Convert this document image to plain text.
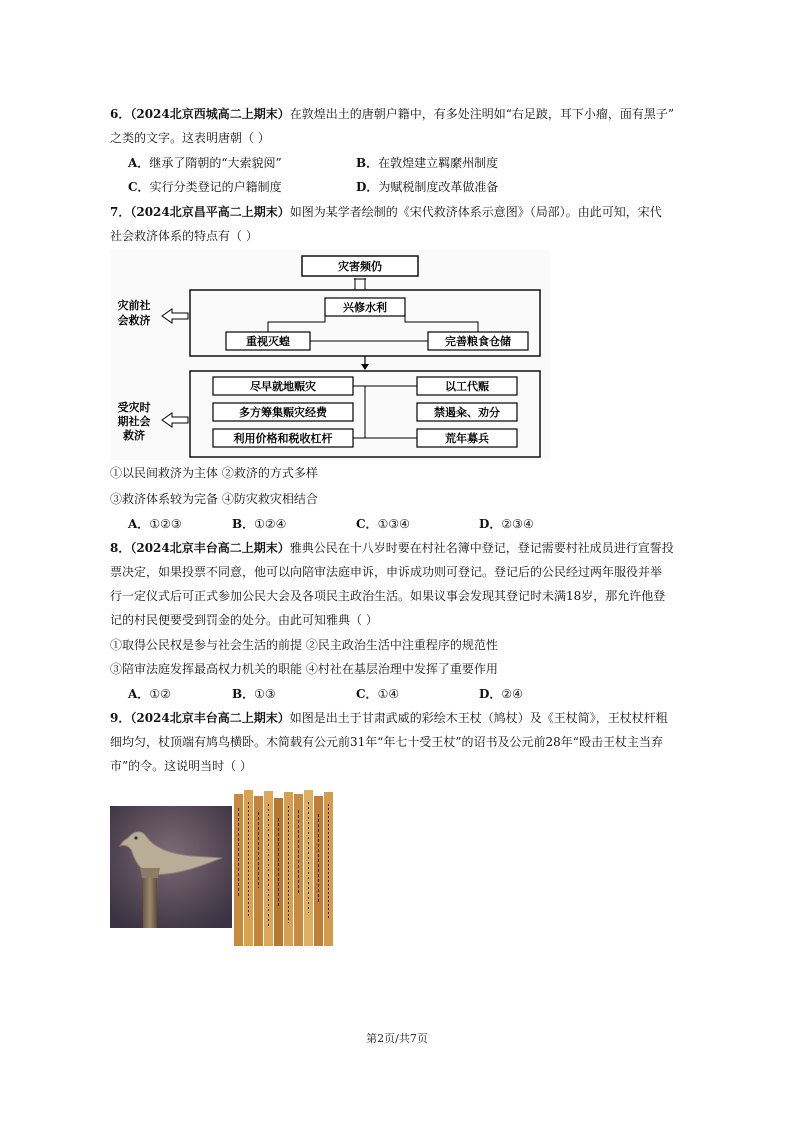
6．（2024北京西城高二上期末）在敦煌出土的唐朝户籍中，有多处注明如“右足跛，耳下小瘤，面有黑子”
之类的文字。这表明唐朝（ ）
A．继承了隋朝的“大索貌阅”	B．在敦煌建立羁縻州制度
C．实行分类登记的户籍制度	D．为赋税制度改革做准备
7．（2024北京昌平高二上期末）如图为某学者绘制的《宋代救济体系示意图》（局部）。由此可知，宋代
社会救济体系的特点有（ ）
灾害频仍
兴修水利
重视灭蝗	完善粮食仓储
尽早就地赈灾
多方筹集赈灾经费
利用价格和税收杠杆
以工代赈
禁遏籴、劝分
荒年募兵
灾前社
会救济
受灾时
期社会
救济
①以民间救济为主体 ②救济的方式多样
③救济体系较为完备 ④防灾救灾相结合
A．①②③	B．①②④	C．①③④	D．②③④
8．（2024北京丰台高二上期末）雅典公民在十八岁时要在村社名簿中登记，登记需要村社成员进行宣誓投
票决定，如果投票不同意，他可以向陪审法庭申诉，申诉成功则可登记。登记后的公民经过两年服役并举
行一定仪式后可正式参加公民大会及各项民主政治生活。如果议事会发现其登记时未满18岁，那允许他登
记的村民便要受到罚金的处分。由此可知雅典（ ）
①取得公民权是参与社会生活的前提 ②民主政治生活中注重程序的规范性
③陪审法庭发挥最高权力机关的职能 ④村社在基层治理中发挥了重要作用
A．①②	B．①③	C．①④	D．②④
9．（2024北京丰台高二上期末）如图是出土于甘肃武威的彩绘木王杖（鸠杖）及《王杖简》，王杖杖杆粗
细均匀，杖顶端有鸠鸟横卧。木简载有公元前31年“年七十受王杖”的诏书及公元前28年“殴击王杖主当弃
市”的令。这说明当时（ ）
第2页/共7页
